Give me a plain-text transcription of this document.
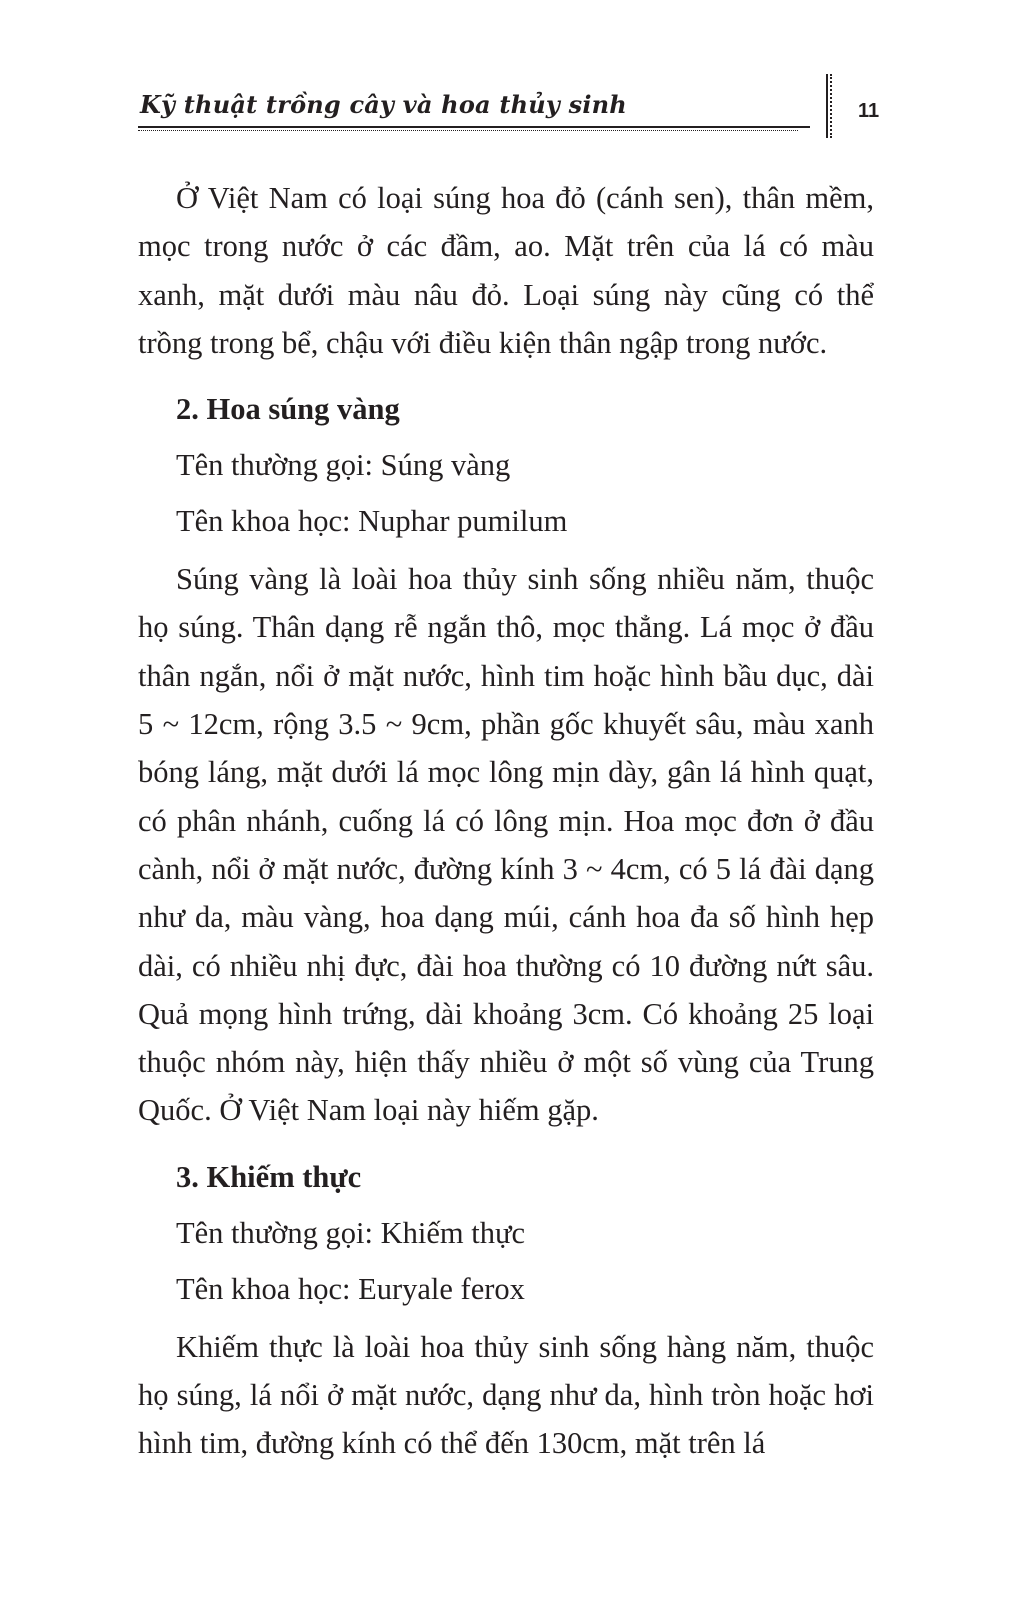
Kỹ thuật trồng cây và hoa thủy sinh	11

Ở Việt Nam có loại súng hoa đỏ (cánh sen), thân mềm, mọc trong nước ở các đầm, ao. Mặt trên của lá có màu xanh, mặt dưới màu nâu đỏ. Loại súng này cũng có thể trồng trong bể, chậu với điều kiện thân ngập trong nước.

2. Hoa súng vàng

Tên thường gọi: Súng vàng

Tên khoa học: Nuphar pumilum

Súng vàng là loài hoa thủy sinh sống nhiều năm, thuộc họ súng. Thân dạng rễ ngắn thô, mọc thẳng. Lá mọc ở đầu thân ngắn, nổi ở mặt nước, hình tim hoặc hình bầu dục, dài 5 ~ 12cm, rộng 3.5 ~ 9cm, phần gốc khuyết sâu, màu xanh bóng láng, mặt dưới lá mọc lông mịn dày, gân lá hình quạt, có phân nhánh, cuống lá có lông mịn. Hoa mọc đơn ở đầu cành, nổi ở mặt nước, đường kính 3 ~ 4cm, có 5 lá đài dạng như da, màu vàng, hoa dạng múi, cánh hoa đa số hình hẹp dài, có nhiều nhị đực, đài hoa thường có 10 đường nứt sâu. Quả mọng hình trứng, dài khoảng 3cm. Có khoảng 25 loại thuộc nhóm này, hiện thấy nhiều ở một số vùng của Trung Quốc. Ở Việt Nam loại này hiếm gặp.

3. Khiếm thực

Tên thường gọi: Khiếm thực

Tên khoa học: Euryale ferox

Khiếm thực là loài hoa thủy sinh sống hàng năm, thuộc họ súng, lá nổi ở mặt nước, dạng như da, hình tròn hoặc hơi hình tim, đường kính có thể đến 130cm, mặt trên lá
